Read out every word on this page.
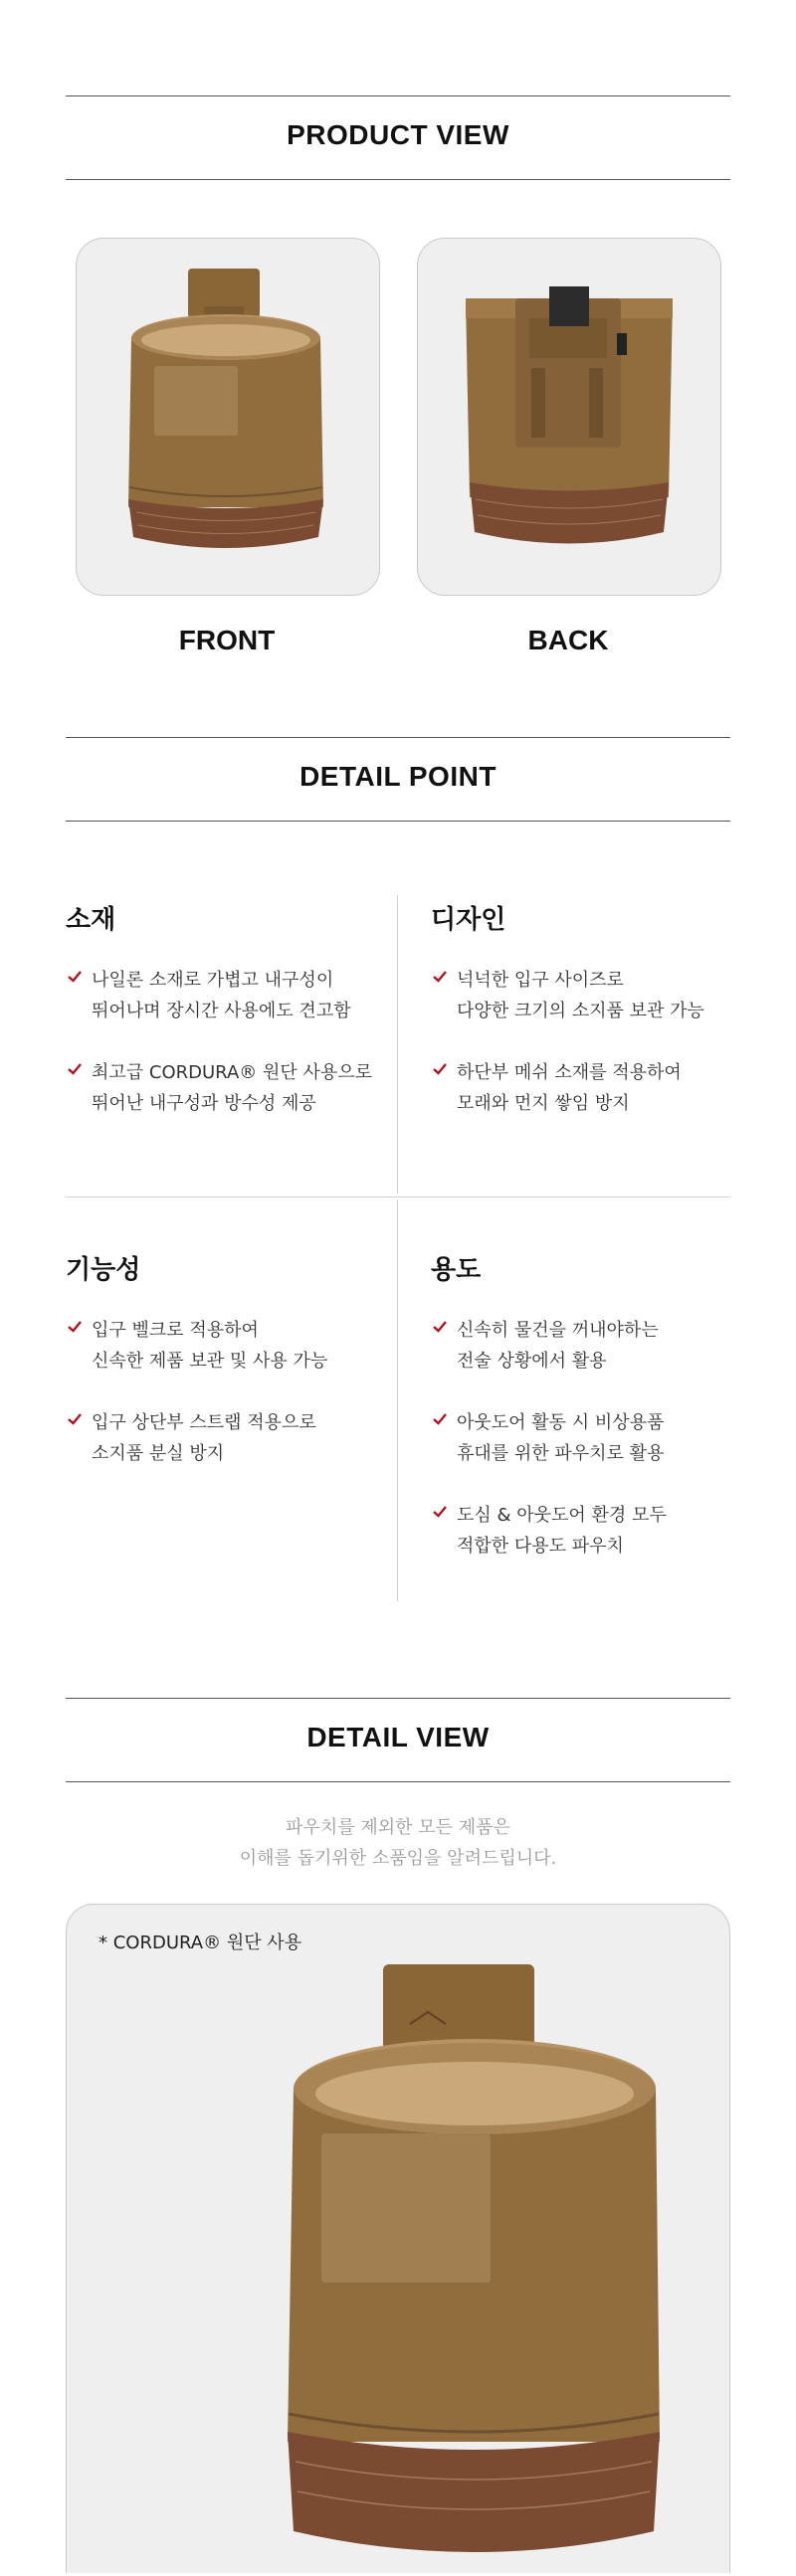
PRODUCT VIEW
FRONT	BACK
DETAIL POINT
소재
나일론 소재로 가볍고 내구성이
뛰어나며 장시간 사용에도 견고함
최고급 CORDURA® 원단 사용으로
뛰어난 내구성과 방수성 제공
디자인
넉넉한 입구 사이즈로
다양한 크기의 소지품 보관 가능
하단부 메쉬 소재를 적용하여
모래와 먼지 쌓임 방지
기능성
입구 벨크로 적용하여
신속한 제품 보관 및 사용 가능
입구 상단부 스트랩 적용으로
소지품 분실 방지
용도
신속히 물건을 꺼내야하는
전술 상황에서 활용
아웃도어 활동 시 비상용품
휴대를 위한 파우치로 활용
도심 & 아웃도어 환경 모두
적합한 다용도 파우치
DETAIL VIEW
파우치를 제외한 모든 제품은
이해를 돕기위한 소품임을 알려드립니다.
* CORDURA® 원단 사용
